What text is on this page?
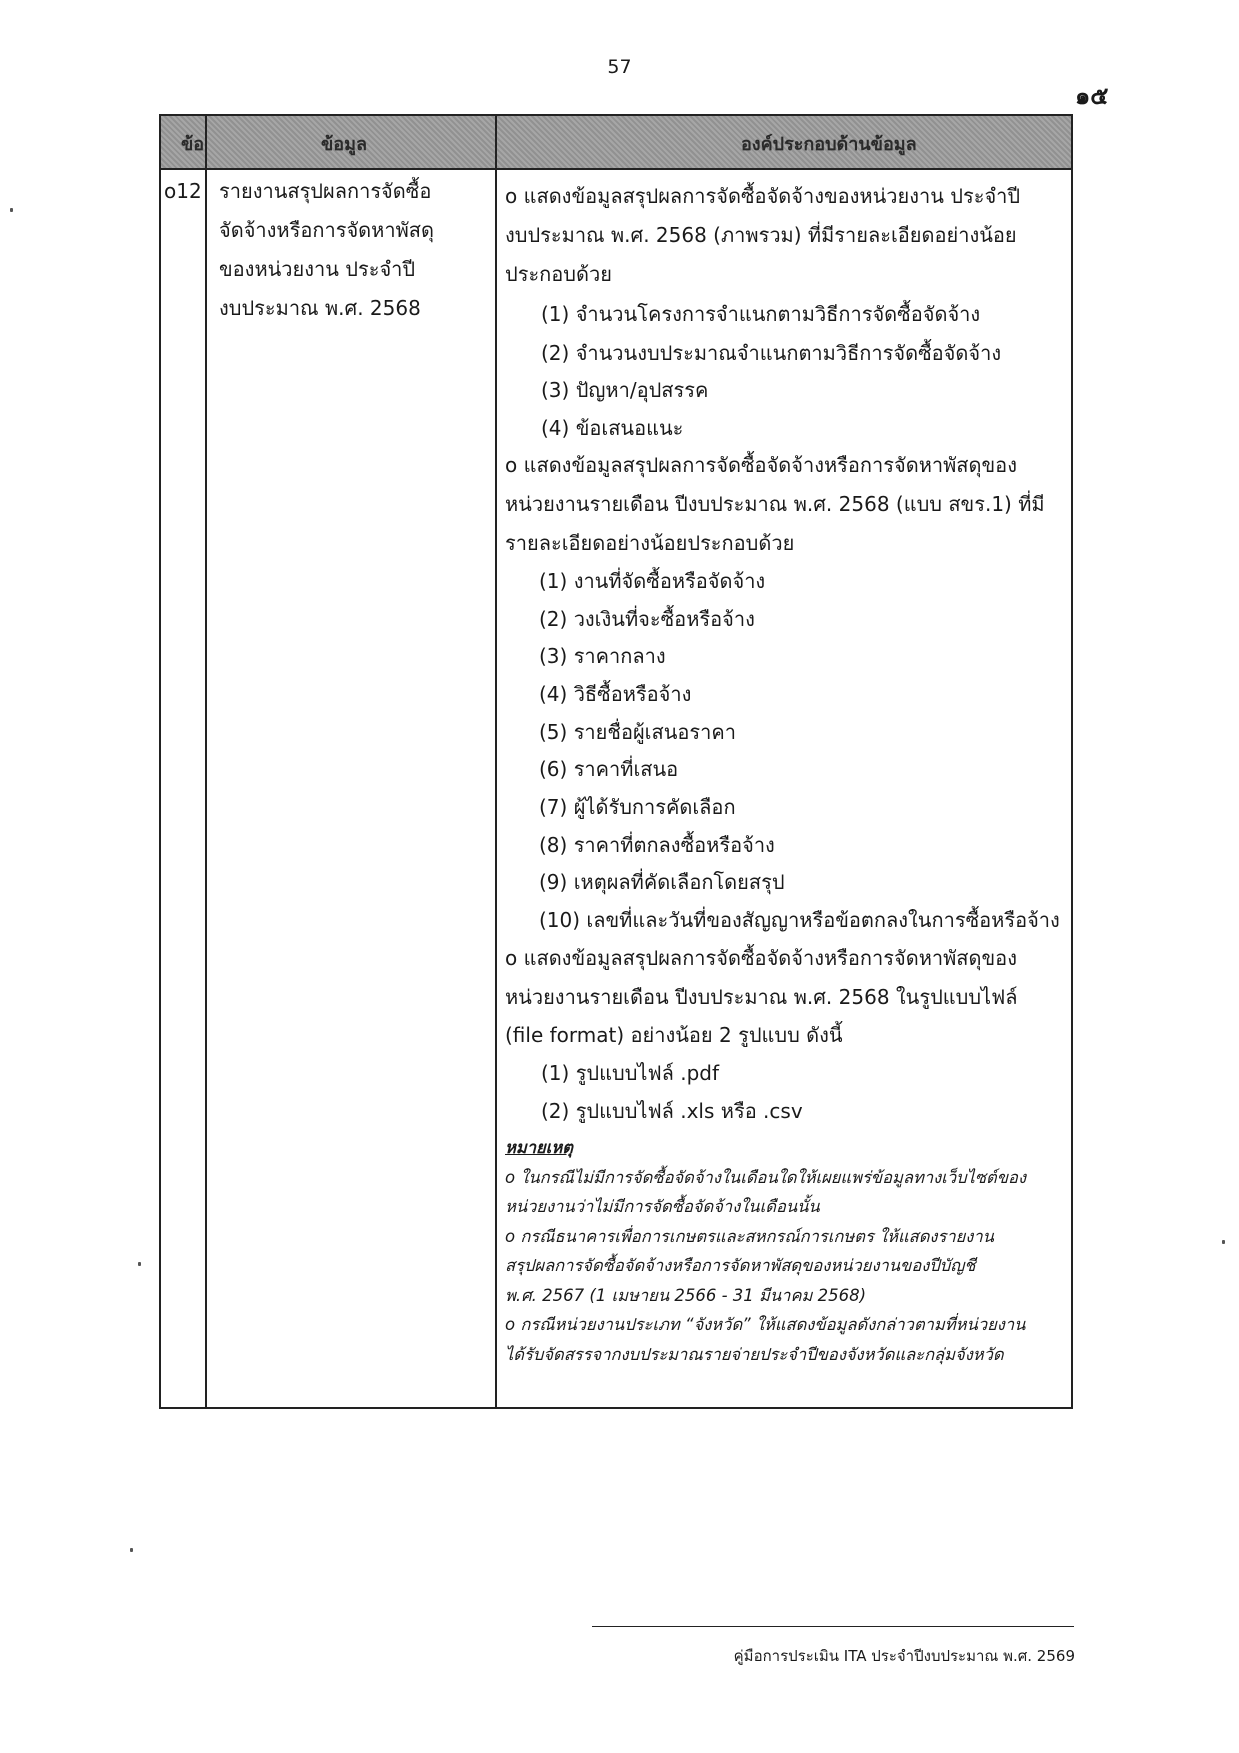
57
๑๕
ข้อ	ข้อมูล	องค์ประกอบด้านข้อมูล
o12 รายงานสรุปผลการจัดซื้อ
จัดจ้างหรือการจัดหาพัสดุ
ของหน่วยงาน ประจำปี
งบประมาณ พ.ศ. 2568
o แสดงข้อมูลสรุปผลการจัดซื้อจัดจ้างของหน่วยงาน ประจำปี
งบประมาณ พ.ศ. 2568 (ภาพรวม) ที่มีรายละเอียดอย่างน้อย
ประกอบด้วย
(1) จำนวนโครงการจำแนกตามวิธีการจัดซื้อจัดจ้าง
(2) จำนวนงบประมาณจำแนกตามวิธีการจัดซื้อจัดจ้าง
(3) ปัญหา/อุปสรรค
(4) ข้อเสนอแนะ
o แสดงข้อมูลสรุปผลการจัดซื้อจัดจ้างหรือการจัดหาพัสดุของ
หน่วยงานรายเดือน ปีงบประมาณ พ.ศ. 2568 (แบบ สขร.1) ที่มี
รายละเอียดอย่างน้อยประกอบด้วย
(1) งานที่จัดซื้อหรือจัดจ้าง
(2) วงเงินที่จะซื้อหรือจ้าง
(3) ราคากลาง
(4) วิธีซื้อหรือจ้าง
(5) รายชื่อผู้เสนอราคา
(6) ราคาที่เสนอ
(7) ผู้ได้รับการคัดเลือก
(8) ราคาที่ตกลงซื้อหรือจ้าง
(9) เหตุผลที่คัดเลือกโดยสรุป
(10) เลขที่และวันที่ของสัญญาหรือข้อตกลงในการซื้อหรือจ้าง
o แสดงข้อมูลสรุปผลการจัดซื้อจัดจ้างหรือการจัดหาพัสดุของ
หน่วยงานรายเดือน ปีงบประมาณ พ.ศ. 2568 ในรูปแบบไฟล์
(file format) อย่างน้อย 2 รูปแบบ ดังนี้
(1) รูปแบบไฟล์ .pdf
(2) รูปแบบไฟล์ .xls หรือ .csv
หมายเหตุ
o ในกรณีไม่มีการจัดซื้อจัดจ้างในเดือนใดให้เผยแพร่ข้อมูลทางเว็บไซต์ของ
หน่วยงานว่าไม่มีการจัดซื้อจัดจ้างในเดือนนั้น
o กรณีธนาคารเพื่อการเกษตรและสหกรณ์การเกษตร ให้แสดงรายงาน
สรุปผลการจัดซื้อจัดจ้างหรือการจัดหาพัสดุของหน่วยงานของปีบัญชี
พ.ศ. 2567 (1 เมษายน 2566 - 31 มีนาคม 2568)
o กรณีหน่วยงานประเภท “จังหวัด” ให้แสดงข้อมูลดังกล่าวตามที่หน่วยงาน
ได้รับจัดสรรจากงบประมาณรายจ่ายประจำปีของจังหวัดและกลุ่มจังหวัด
คู่มือการประเมิน ITA ประจำปีงบประมาณ พ.ศ. 2569
